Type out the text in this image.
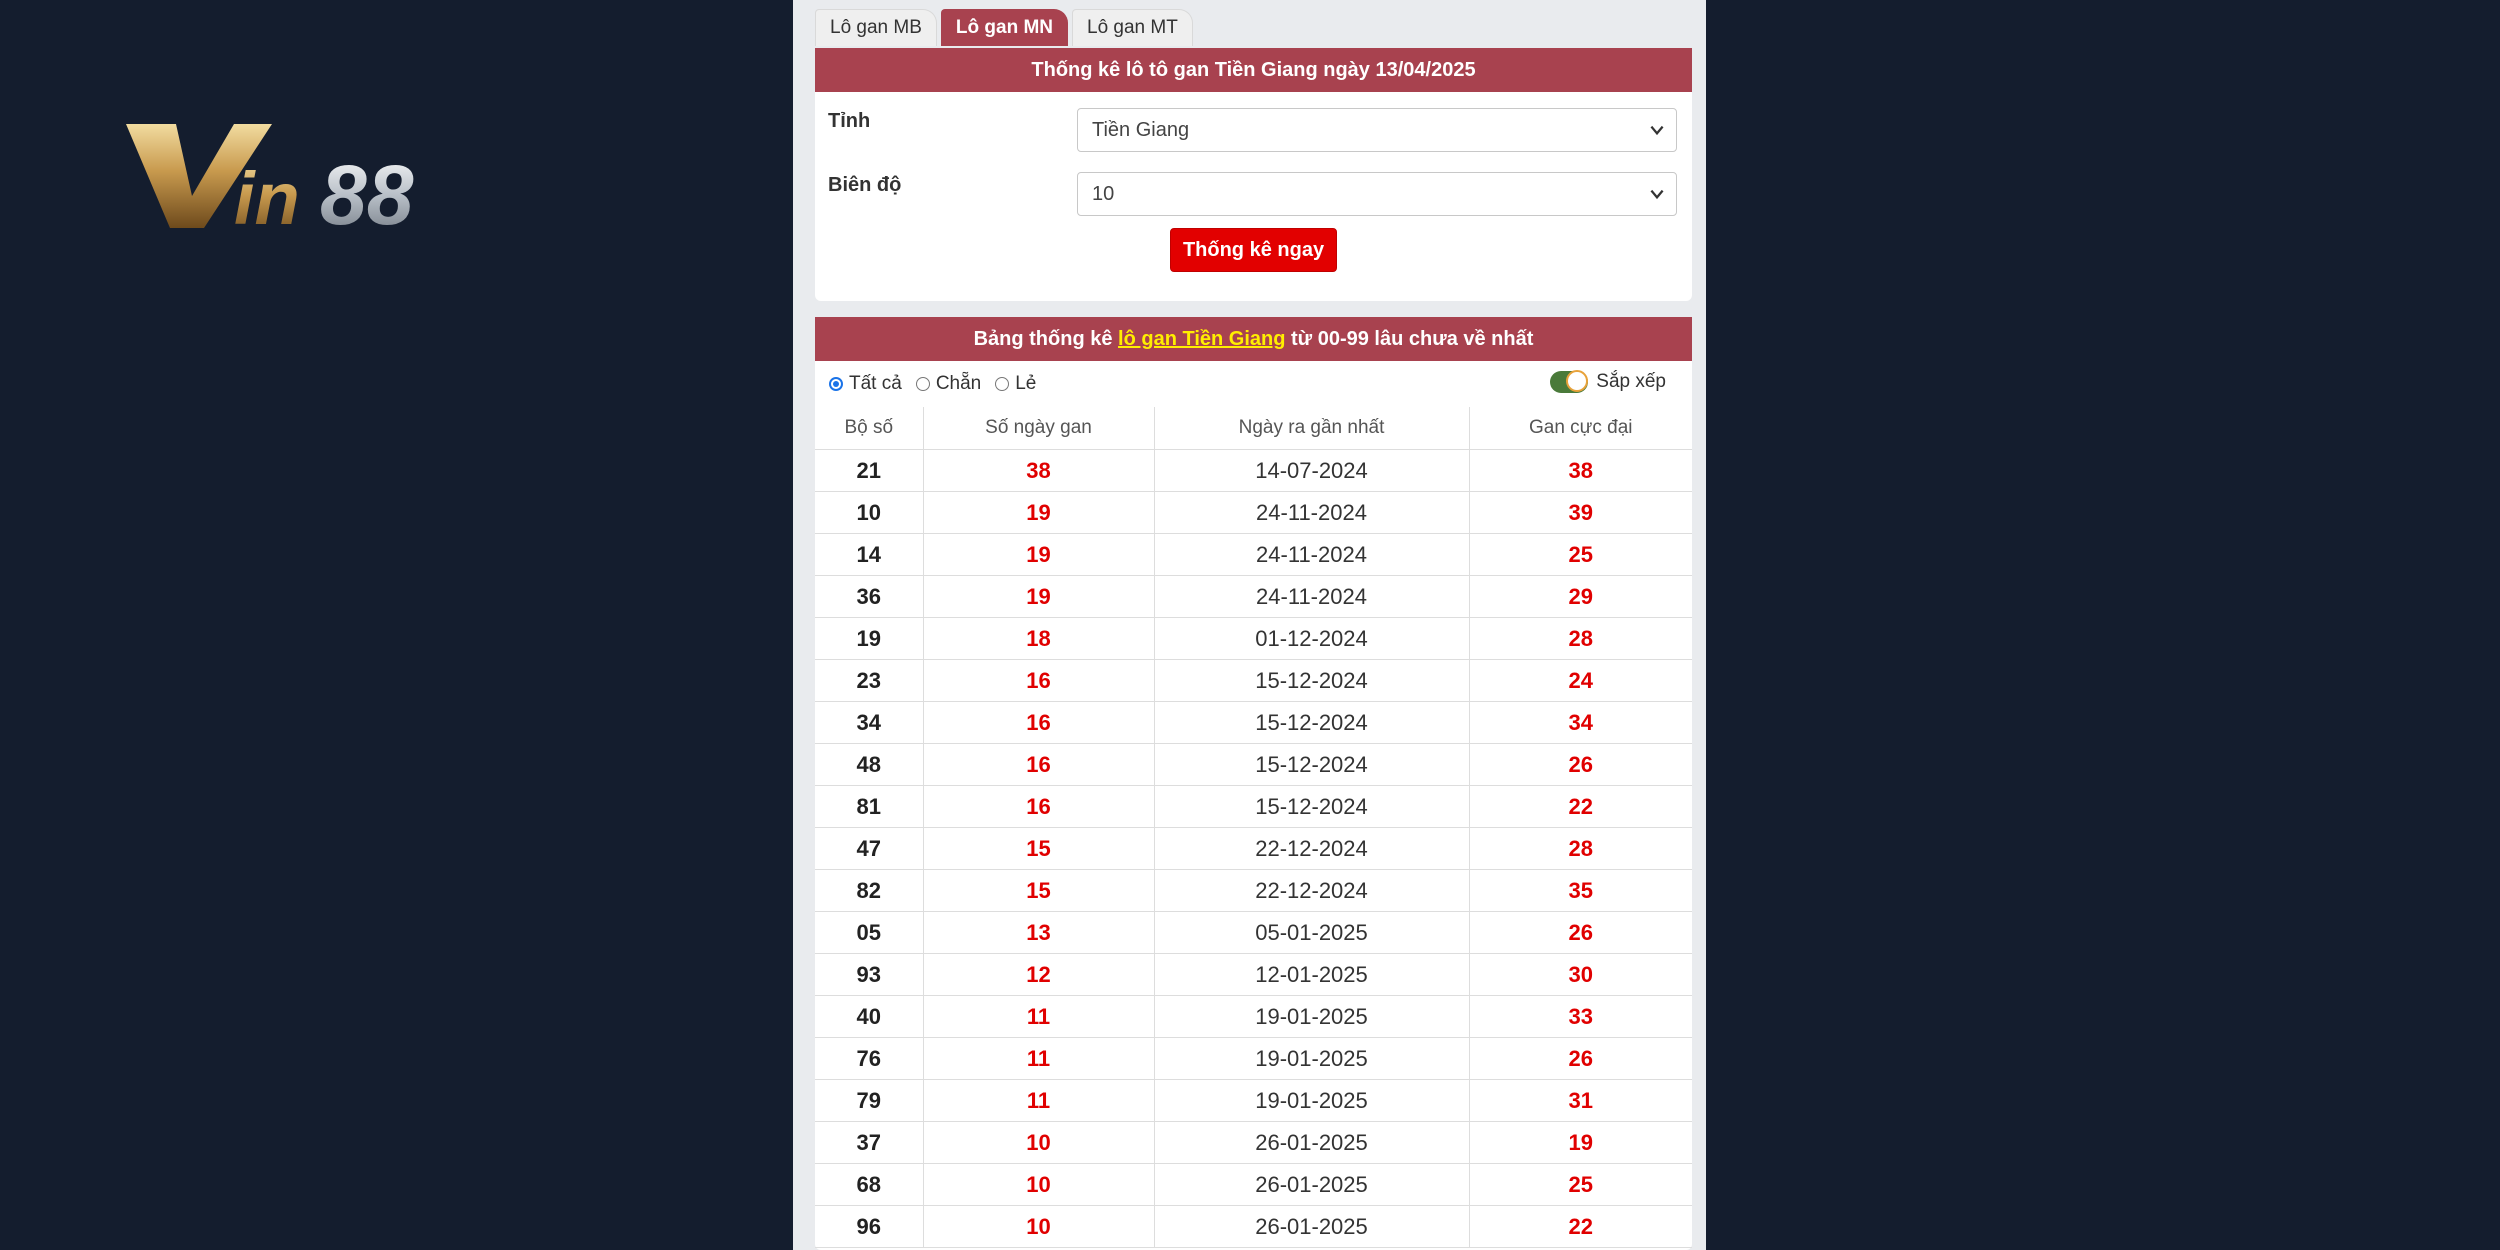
in 88
Lô gan MB	Lô gan MN	Lô gan MT
Thống kê lô tô gan Tiền Giang ngày 13/04/2025
Tỉnh	Tiền Giang
Biên độ	10
Thống kê ngay
Bảng thống kê
lô gan Tiền Giang
từ 00-99 lâu chưa về nhất
Tất cả Chẵn Lẻ	Sắp xếp
Bộ số	Số ngày gan	Ngày ra gần nhất	Gan cực đại
21	38	14-07-2024	38
10	19	24-11-2024	39
14	19	24-11-2024	25
36	19	24-11-2024	29
19	18	01-12-2024	28
23	16	15-12-2024	24
34	16	15-12-2024	34
48	16	15-12-2024	26
81	16	15-12-2024	22
47	15	22-12-2024	28
82	15	22-12-2024	35
05	13	05-01-2025	26
93	12	12-01-2025	30
40	11	19-01-2025	33
76	11	19-01-2025	26
79	11	19-01-2025	31
37	10	26-01-2025	19
68	10	26-01-2025	25
96	10	26-01-2025	22
